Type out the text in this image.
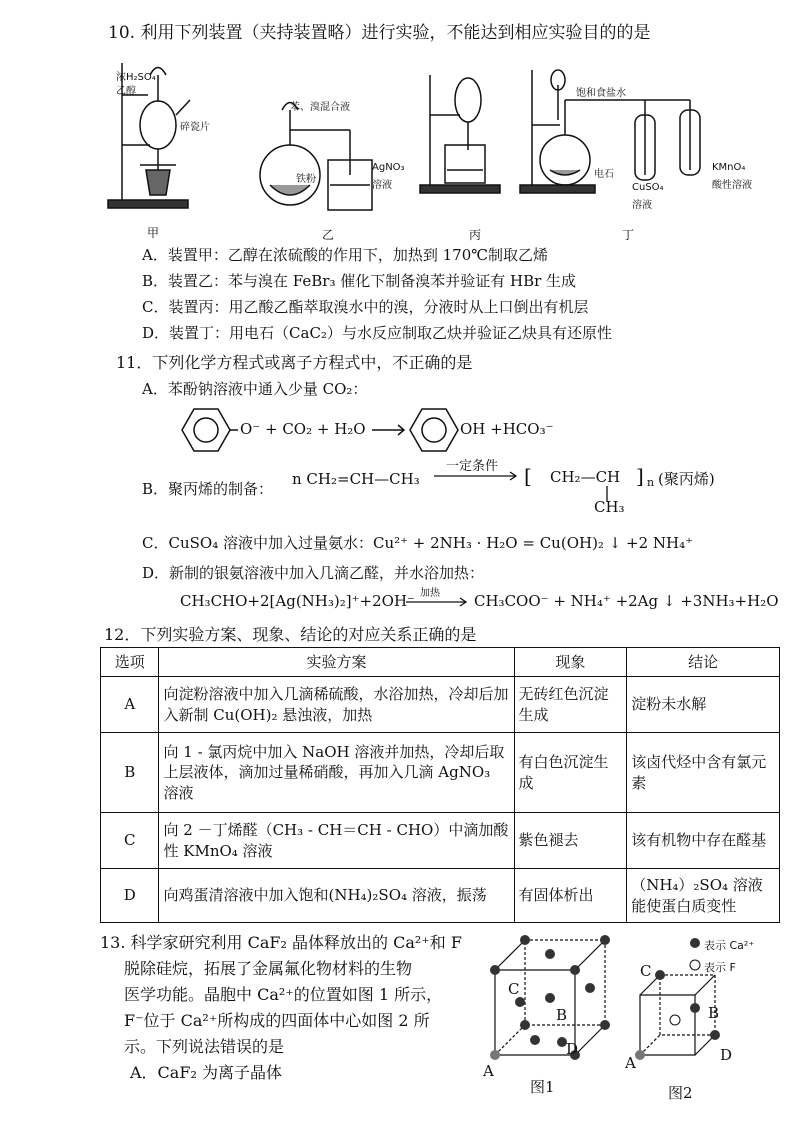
10. 利用下列装置（夹持装置略）进行实验，不能达到相应实验目的的是
浓H₂SO₄
乙醇
碎瓷片
苯、溴混合液
铁粉
AgNO₃
溶液
饱和食盐水
电石
CuSO₄
溶液
KMnO₄
酸性溶液
甲	乙	丙	丁
A．装置甲：乙醇在浓硫酸的作用下，加热到 170℃制取乙烯
B．装置乙：苯与溴在 FeBr₃ 催化下制备溴苯并验证有 HBr 生成
C．装置丙：用乙酸乙酯萃取溴水中的溴，分液时从上口倒出有机层
D．装置丁：用电石（CaC₂）与水反应制取乙炔并验证乙炔具有还原性
11．下列化学方程式或离子方程式中，不正确的是
A．苯酚钠溶液中通入少量 CO₂：
O⁻ + CO₂ + H₂O	OH +HCO₃⁻
B．聚丙烯的制备：
n CH₂=CH—CH₃
一定条件 [ CH₂—CH ] n (聚丙烯)
CH₃
C．CuSO₄ 溶液中加入过量氨水：Cu²⁺ + 2NH₃ · H₂O = Cu(OH)₂ ↓ +2 NH₄⁺
D．新制的银氨溶液中加入几滴乙醛，并水浴加热：
CH₃CHO+2[Ag(NH₃)₂]⁺+2OH⁻ 加热 CH₃COO⁻ + NH₄⁺ +2Ag ↓ +3NH₃+H₂O
12．下列实验方案、现象、结论的对应关系正确的是
选项	实验方案	现象	结论
A	向淀粉溶液中加入几滴稀硫酸，水浴加热，冷却后加入新制 Cu(OH)₂ 悬浊液，加热	无砖红色沉淀生成	淀粉未水解
B	向 1 - 氯丙烷中加入 NaOH 溶液并加热，冷却后取上层液体，滴加过量稀硝酸，再加入几滴 AgNO₃ 溶液	有白色沉淀生成	该卤代烃中含有氯元素
C	向 2 －丁烯醛（CH₃ - CH＝CH - CHO）中滴加酸性 KMnO₄ 溶液	紫色褪去	该有机物中存在醛基
D	向鸡蛋清溶液中加入饱和(NH₄)₂SO₄ 溶液，振荡	有固体析出	（NH₄）₂SO₄ 溶液能使蛋白质变性
13. 科学家研究利用 CaF₂ 晶体释放出的 Ca²⁺和 F
脱除硅烷，拓展了金属氟化物材料的生物
医学功能。晶胞中 Ca²⁺的位置如图 1 所示，
F⁻位于 Ca²⁺所构成的四面体中心如图 2 所
示。下列说法错误的是
A．CaF₂ 为离子晶体
表示 Ca²⁺
表示 F
A
B
C
D
A
B
C
D
图1	图2
